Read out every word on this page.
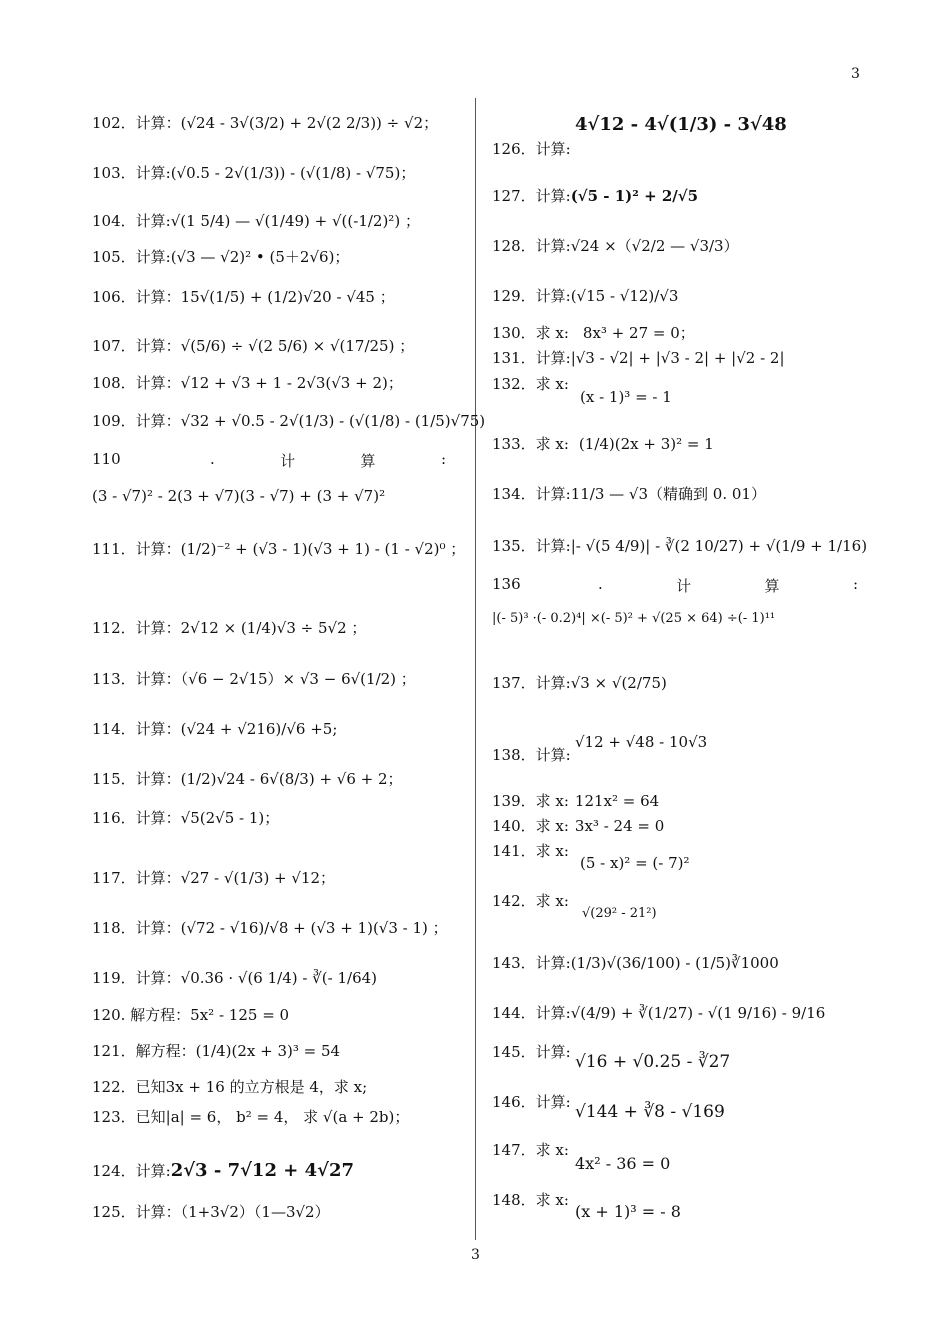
3
102．计算：(√24 - 3√(3/2) + 2√(2 2/3)) ÷ √2；
103．计算:(√0.5 - 2√(1/3)) - (√(1/8) - √75)；
104．计算:√(1 5/4) — √(1/49) + √((-1/2)²) ；
105．计算:(√3 — √2)² • (5＋2√6)；
106．计算：15√(1/5) + (1/2)√20 - √45 ；
107．计算：√(5/6) ÷ √(2 5/6) × √(17/25) ；
108．计算：√12 + √3 + 1 - 2√3(√3 + 2)；
109．计算：√32 + √0.5 - 2√(1/3) - (√(1/8) - (1/5)√75)
110	.	计	算	:
(3 - √7)² - 2(3 + √7)(3 - √7) + (3 + √7)²
111．计算：(1/2)⁻² + (√3 - 1)(√3 + 1) - (1 - √2)⁰ ；
112．计算：2√12 × (1/4)√3 ÷ 5√2 ；
113．计算：（√6 − 2√15）× √3 − 6√(1/2) ；
114．计算：(√24 + √216)/√6 +5;
115．计算：(1/2)√24 - 6√(8/3) + √6 + 2；
116．计算：√5(2√5 - 1)；
117．计算：√27 - √(1/3) + √12；
118．计算：(√72 - √16)/√8 + (√3 + 1)(√3 - 1) ；
119．计算：√0.36 · √(6 1/4) - ∛(- 1/64)
120. 解方程：5x² - 125 = 0
121．解方程：(1/4)(2x + 3)³ = 54
122．已知3x + 16 的立方根是 4，求 x;
123．已知|a| = 6， b² = 4， 求 √(a + 2b)；
124．计算:2√3 - 7√12 + 4√27
125．计算：（1+3√2）（1—3√2）
4√12 - 4√(1/3) - 3√48
126．计算:
127．计算:(√5 - 1)² + 2/√5
128．计算:√24 ×（√2/2 — √3/3）
129．计算:(√15 - √12)/√3
130．求 x: 8x³ + 27 = 0；
131．计算:|√3 - √2| + |√3 - 2| + |√2 - 2|
132．求 x:
(x - 1)³ = - 1
133．求 x: (1/4)(2x + 3)² = 1
134．计算:11/3 — √3（精确到 0. 01）
135．计算:|- √(5 4/9)| - ∛(2 10/27) + √(1/9 + 1/16)
136	.	计	算	:
|(- 5)³ ·(- 0.2)⁴| ×(- 5)² + √(25 × 64) ÷(- 1)¹¹
137．计算:√3 × √(2/75)
√12 + √48 - 10√3
138．计算:
139．求 x: 121x² = 64
140．求 x: 3x³ - 24 = 0
141．求 x:
(5 - x)² = (- 7)²
142．求 x:
√(29² - 21²)
143．计算:(1/3)√(36/100) - (1/5)∛1000
144．计算:√(4/9) + ∛(1/27) - √(1 9/16) - 9/16
145．计算: √16 + √0.25 - ∛27
146．计算: √144 + ∛8 - √169
147．求 x:
4x² - 36 = 0
148．求 x:
(x + 1)³ = - 8
3
